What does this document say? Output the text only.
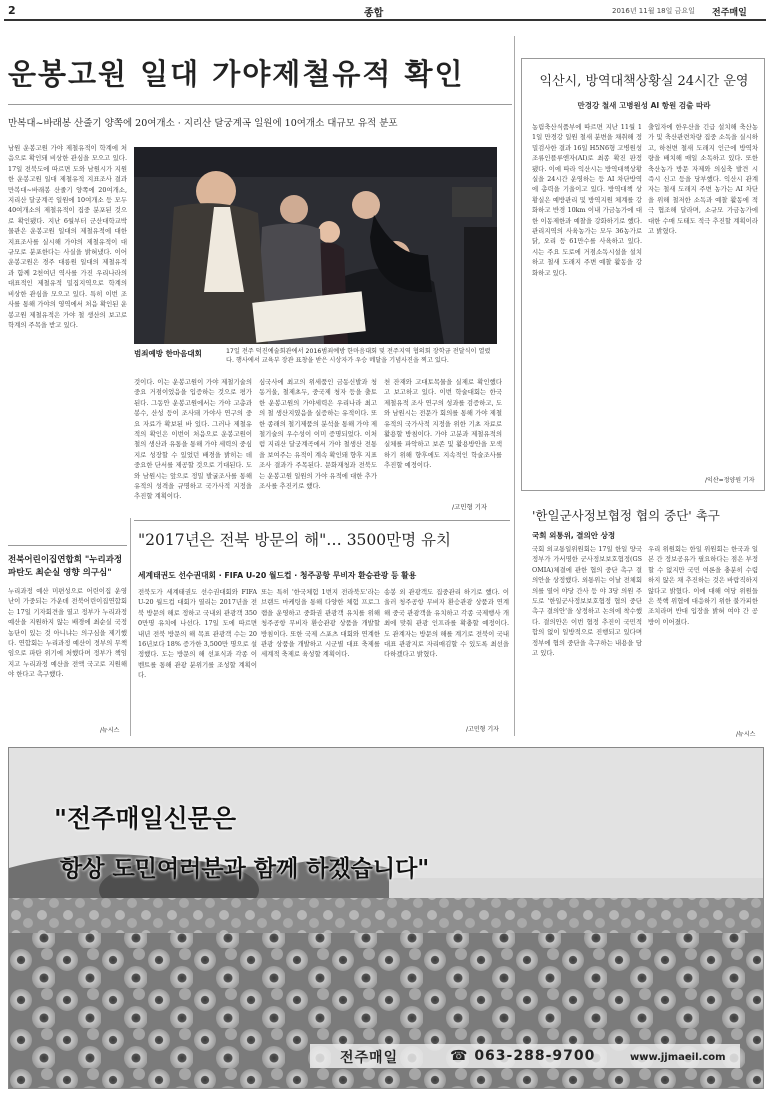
2	종합	2016년 11월 18일 금요일 전주매일
운봉고원 일대 가야제철유적 확인
만복대~바래봉 산줄기 양쪽에 20여개소 · 지리산 달궁계곡 일원에 10여개소 대규모 유적 분포
남원 운봉고원 가야 제철유적이 학계에 처음으로 확인돼 비상한 관심을 모으고 있다. 17일 전북도에 따르면 도와 남원시가 지원한 운봉고원 일대 제철유적 지표조사 결과 만복대~바래봉 산줄기 양쪽에 20여개소, 지리산 달궁계곡 일원에 10여개소 등 모두 40여개소의 제철유적이 집중 분포된 것으로 확인됐다. 지난 6월부터 군산대학교박물관은 운봉고원 일대의 제철유적에 대한 지표조사를 실시해 가야의 제철유적이 대규모로 분포한다는 사실을 밝혀냈다. 이어 운봉고원은 경주 대릉원 일대의 제철유적과 함께 2천여년 역사를 가진 우리나라의 대표적인 제철유적 밀집지역으로 학계의 비상한 관심을 모으고 있다. 특히 이번 조사를 통해 가야의 영역에서 처음 확인된 운봉고원 제철유적은 가야 철 생산의 보고로 학계의 주목을 받고 있다.
범죄예방 한마음대회	17일 전주 덕진예술회관에서 2016범죄예방 한마음대회 및 전주지역 협의회 장학금 전달식이 열렸다. 행사에서 교육부 장관 표창을 받은 시상자가 우승 메달을 기념사진을 찍고 있다.
것이다. 이는 운봉고원이 가야 제철기술의 중요 거점이었음을 입증하는 것으로 평가된다. 그동안 운봉고원에서는 가야 고총과 봉수, 산성 등이 조사돼 가야사 연구의 중요 자료가 확보된 바 있다. 그러나 제철유적의 확인은 이번이 처음으로 운봉고원이 철의 생산과 유통을 통해 가야 세력의 중심지로 성장할 수 있었던 배경을 밝히는 데 중요한 단서를 제공할 것으로 기대된다. 도와 남원시는 앞으로 정밀 발굴조사를 통해 유적의 성격을 규명하고 국가사적 지정을 추진할 계획이다.
심국사에 최고의 위세품인 금동신발과 청동거울, 철제초두, 중국제 청자 등을 출토한 운봉고원의 가야세력은 우리나라 최고의 철 생산지였음을 실증하는 유적이다. 또한 종래의 철기제품의 분석을 통해 가야 제철기술의 우수성이 이미 증명되었다. 이처럼 지리산 달궁계곡에서 가야 철생산 전통을 보여주는 유적이 계속 확인돼 향후 지표조사 결과가 주목된다. 문화재청과 전북도는 운봉고원 일원의 가야 유적에 대한 추가 조사를 추진키로 했다.
천 잔재와 고대토목물을 실제로 확인했다고 보고하고 있다. 이번 학술대회는 한국 제철유적 조사 연구의 성과를 검증하고, 도와 남원시는 전문가 회의를 통해 가야 제철유적의 국가사적 지정을 위한 기초 자료로 활용할 방침이다. 가야 고분과 제철유적의 실체를 파악하고 보존 및 활용방안을 모색하기 위해 향후에도 지속적인 학술조사를 추진할 예정이다.
/고민형 기자
익산시, 방역대책상황실 24시간 운영
만경강 철새 고병원성 AI 항원 검출 따라
농림축산식품부에 따르면 지난 11월 11일 만경강 일원 철새 분변을 채취해 정밀검사한 결과 16일 H5N6형 고병원성 조류인플루엔자(AI)로 최종 확진 판정됐다. 이에 따라 익산시는 방역대책상황실을 24시간 운영하는 등 AI 차단방역에 총력을 기울이고 있다. 방역대책 상황실은 예방관리 및 방역지원 체계를 강화하고 반경 10km 이내 가금농가에 대한 이동제한과 예찰을 강화하기로 했다. 관리지역의 사육농가는 모두 36농가로 닭, 오리 등 61만수를 사육하고 있다. 시는 주요 도로에 거점소독시설을 설치하고 철새 도래지 주변 예찰 활동을 강화하고 있다.
출입자에 한우산을 긴급 설치해 축산농가 및 축산관련차량 집중 소독을 실시하고, 하천변 철새 도래지 인근에 방역차량을 배치해 매일 소독하고 있다. 또한 축산농가 방문 자제와 의심축 발견 시 즉시 신고 등을 당부했다. 익산시 관계자는 철새 도래지 주변 농가는 AI 차단을 위해 철저한 소독과 예찰 활동에 적극 협조해 달라며, 소규모 가금농가에 대한 수매 도태도 적극 추진할 계획이라고 밝혔다.
/익산=정양원 기자
'한일군사정보협정 협의 중단' 촉구
국회 외통위, 결의안 상정
국회 외교통일위원회는 17일 한일 양국 정부가 가서명한 군사정보보호협정(GSOMIA)체결에 관한 협의 중단 촉구 결의안을 상정했다. 외통위는 이날 전체회의를 열어 야당 간사 등 야 3당 의원 주도로 '한일군사정보보호협정 협의 중단 촉구 결의안'을 상정하고 논의에 착수했다. 결의안은 이번 협정 추진이 국민적 합의 없이 일방적으로 진행되고 있다며 정부에 협의 중단을 촉구하는 내용을 담고 있다.
우리 위원회는 한일 위원회는 한국과 일본 간 정보공유가 필요하다는 점은 부정할 수 없지만 국민 여론을 충분히 수렴하지 않은 채 추진하는 것은 바람직하지 않다고 밝혔다. 이에 대해 여당 위원들은 북핵 위협에 대응하기 위한 불가피한 조치라며 반대 입장을 밝혀 여야 간 공방이 이어졌다.
/뉴시스
전북어린이집연합회 "누리과정 파탄도 최순실 영향 의구심"
누리과정 예산 미편성으로 어린이집 운영난이 가중되는 가운데 전북어린이집연합회는 17일 기자회견을 열고 정부가 누리과정 예산을 지원하지 않는 배경에 최순실 국정농단이 있는 것 아니냐는 의구심을 제기했다. 연합회는 누리과정 예산이 정부의 무책임으로 파탄 위기에 처했다며 정부가 책임지고 누리과정 예산을 전액 국고로 지원해야 한다고 촉구했다.
/뉴시스
"2017년은 전북 방문의 해"… 3500만명 유치
세계태권도 선수권대회 · FIFA U-20 월드컵 · 청주공항 무비자 환승관광 등 활용
전북도가 세계태권도 선수권대회와 FIFA U-20 월드컵 대회가 열리는 2017년을 전북 방문의 해로 정하고 국내외 관광객 3500만명 유치에 나선다. 17일 도에 따르면 내년 전북 방문의 해 목표 관광객 수는 2016년보다 18% 증가한 3,500만 명으로 설정했다. 도는 방문의 해 선포식과 각종 이벤트를 통해 관광 분위기를 조성할 계획이다.
또는 특히 '한국체험 1번지 전라북도'라는 브랜드 마케팅을 통해 다양한 체험 프로그램을 운영하고 중화권 관광객 유치를 위해 청주공항 무비자 환승관광 상품을 개발할 방침이다. 또한 국제 스포츠 대회와 연계한 관광 상품을 개발하고 시군별 대표 축제를 세계적 축제로 육성할 계획이다.
송봉 외 관광객도 집중관리 하기로 했다. 이울러 청주공항 무비자 환승관광 상품과 연계해 중국 관광객을 유치하고 각종 국제행사 개최에 맞춰 관광 인프라를 확충할 예정이다. 도 관계자는 방문의 해를 계기로 전북이 국내 대표 관광지로 자리매김할 수 있도록 최선을 다하겠다고 밝혔다.
/고민형 기자
"전주매일신문은
항상 도민여러분과 함께 하겠습니다"
전주매일	☎ 063-288-9700	www.jjmaeil.com
